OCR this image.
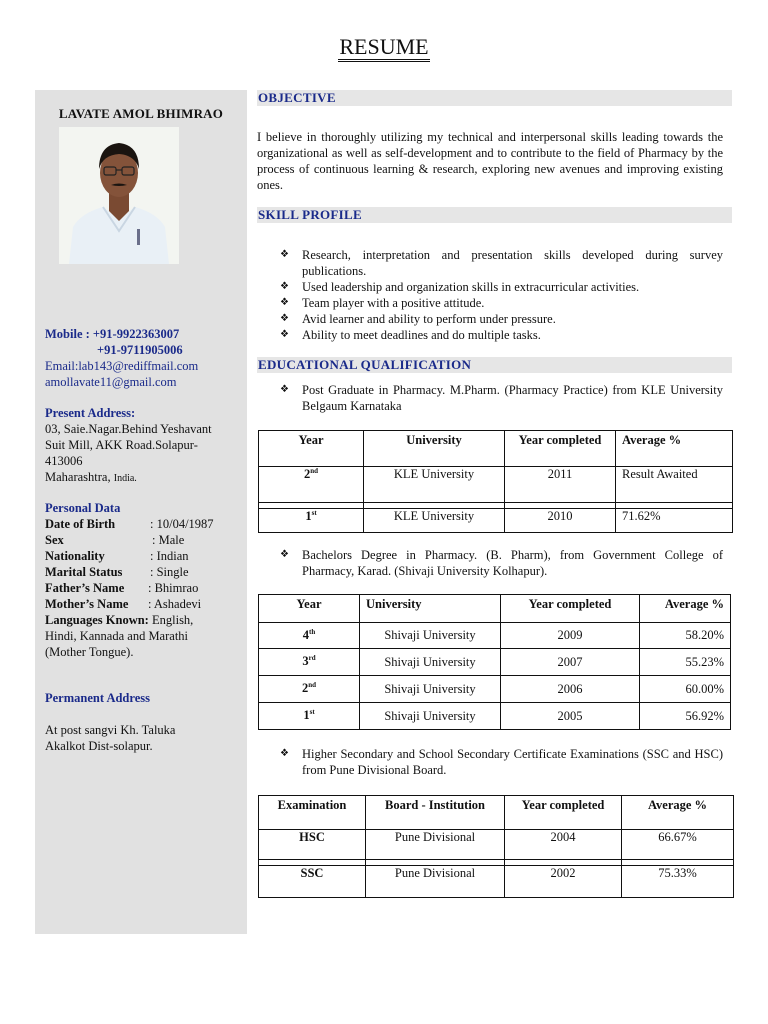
RESUME
LAVATE AMOL BHIMRAO
Mobile : +91-9922363007
+91-9711905006
Email:lab143@rediffmail.com
amollavate11@gmail.com
Present Address:
03, Saie.Nagar.Behind Yeshavant
Suit Mill, AKK Road.Solapur-
413006
Maharashtra, India.
Personal Data
Date of Birth	: 10/04/1987
Sex	: Male
Nationality	: Indian
Marital Status	: Single
Father’s Name	: Bhimrao
Mother’s Name	: Ashadevi
Languages Known: English,
Hindi, Kannada and Marathi
(Mother Tongue).
Permanent Address
At post sangvi Kh. Taluka
Akalkot Dist-solapur.
OBJECTIVE
I believe in thoroughly utilizing my technical and interpersonal skills leading towards the organizational as well as self-development and to contribute to the field of Pharmacy by the process of continuous learning & research, exploring new avenues and improving existing ones.
SKILL PROFILE
❖ Research, interpretation and presentation skills developed during survey publications.
❖ Used leadership and organization skills in extracurricular activities.
❖ Team player with a positive attitude.
❖ Avid learner and ability to perform under pressure.
❖ Ability to meet deadlines and do multiple tasks.
EDUCATIONAL QUALIFICATION
❖ Post Graduate in Pharmacy. M.Pharm. (Pharmacy Practice) from KLE University Belgaum Karnataka
Year	University	Year completed	Average %
2nd	KLE University	2011	Result Awaited

1st	KLE University	2010	71.62%
❖ Bachelors Degree in Pharmacy. (B. Pharm), from Government College of Pharmacy, Karad. (Shivaji University Kolhapur).
Year	University	Year completed	Average %
4th	Shivaji University	2009	58.20%
3rd	Shivaji University	2007	55.23%
2nd	Shivaji University	2006	60.00%
1st	Shivaji University	2005	56.92%
❖ Higher Secondary and School Secondary Certificate Examinations (SSC and HSC) from Pune Divisional Board.
Examination	Board - Institution	Year completed	Average %
HSC	Pune Divisional	2004	66.67%

SSC	Pune Divisional	2002	75.33%
